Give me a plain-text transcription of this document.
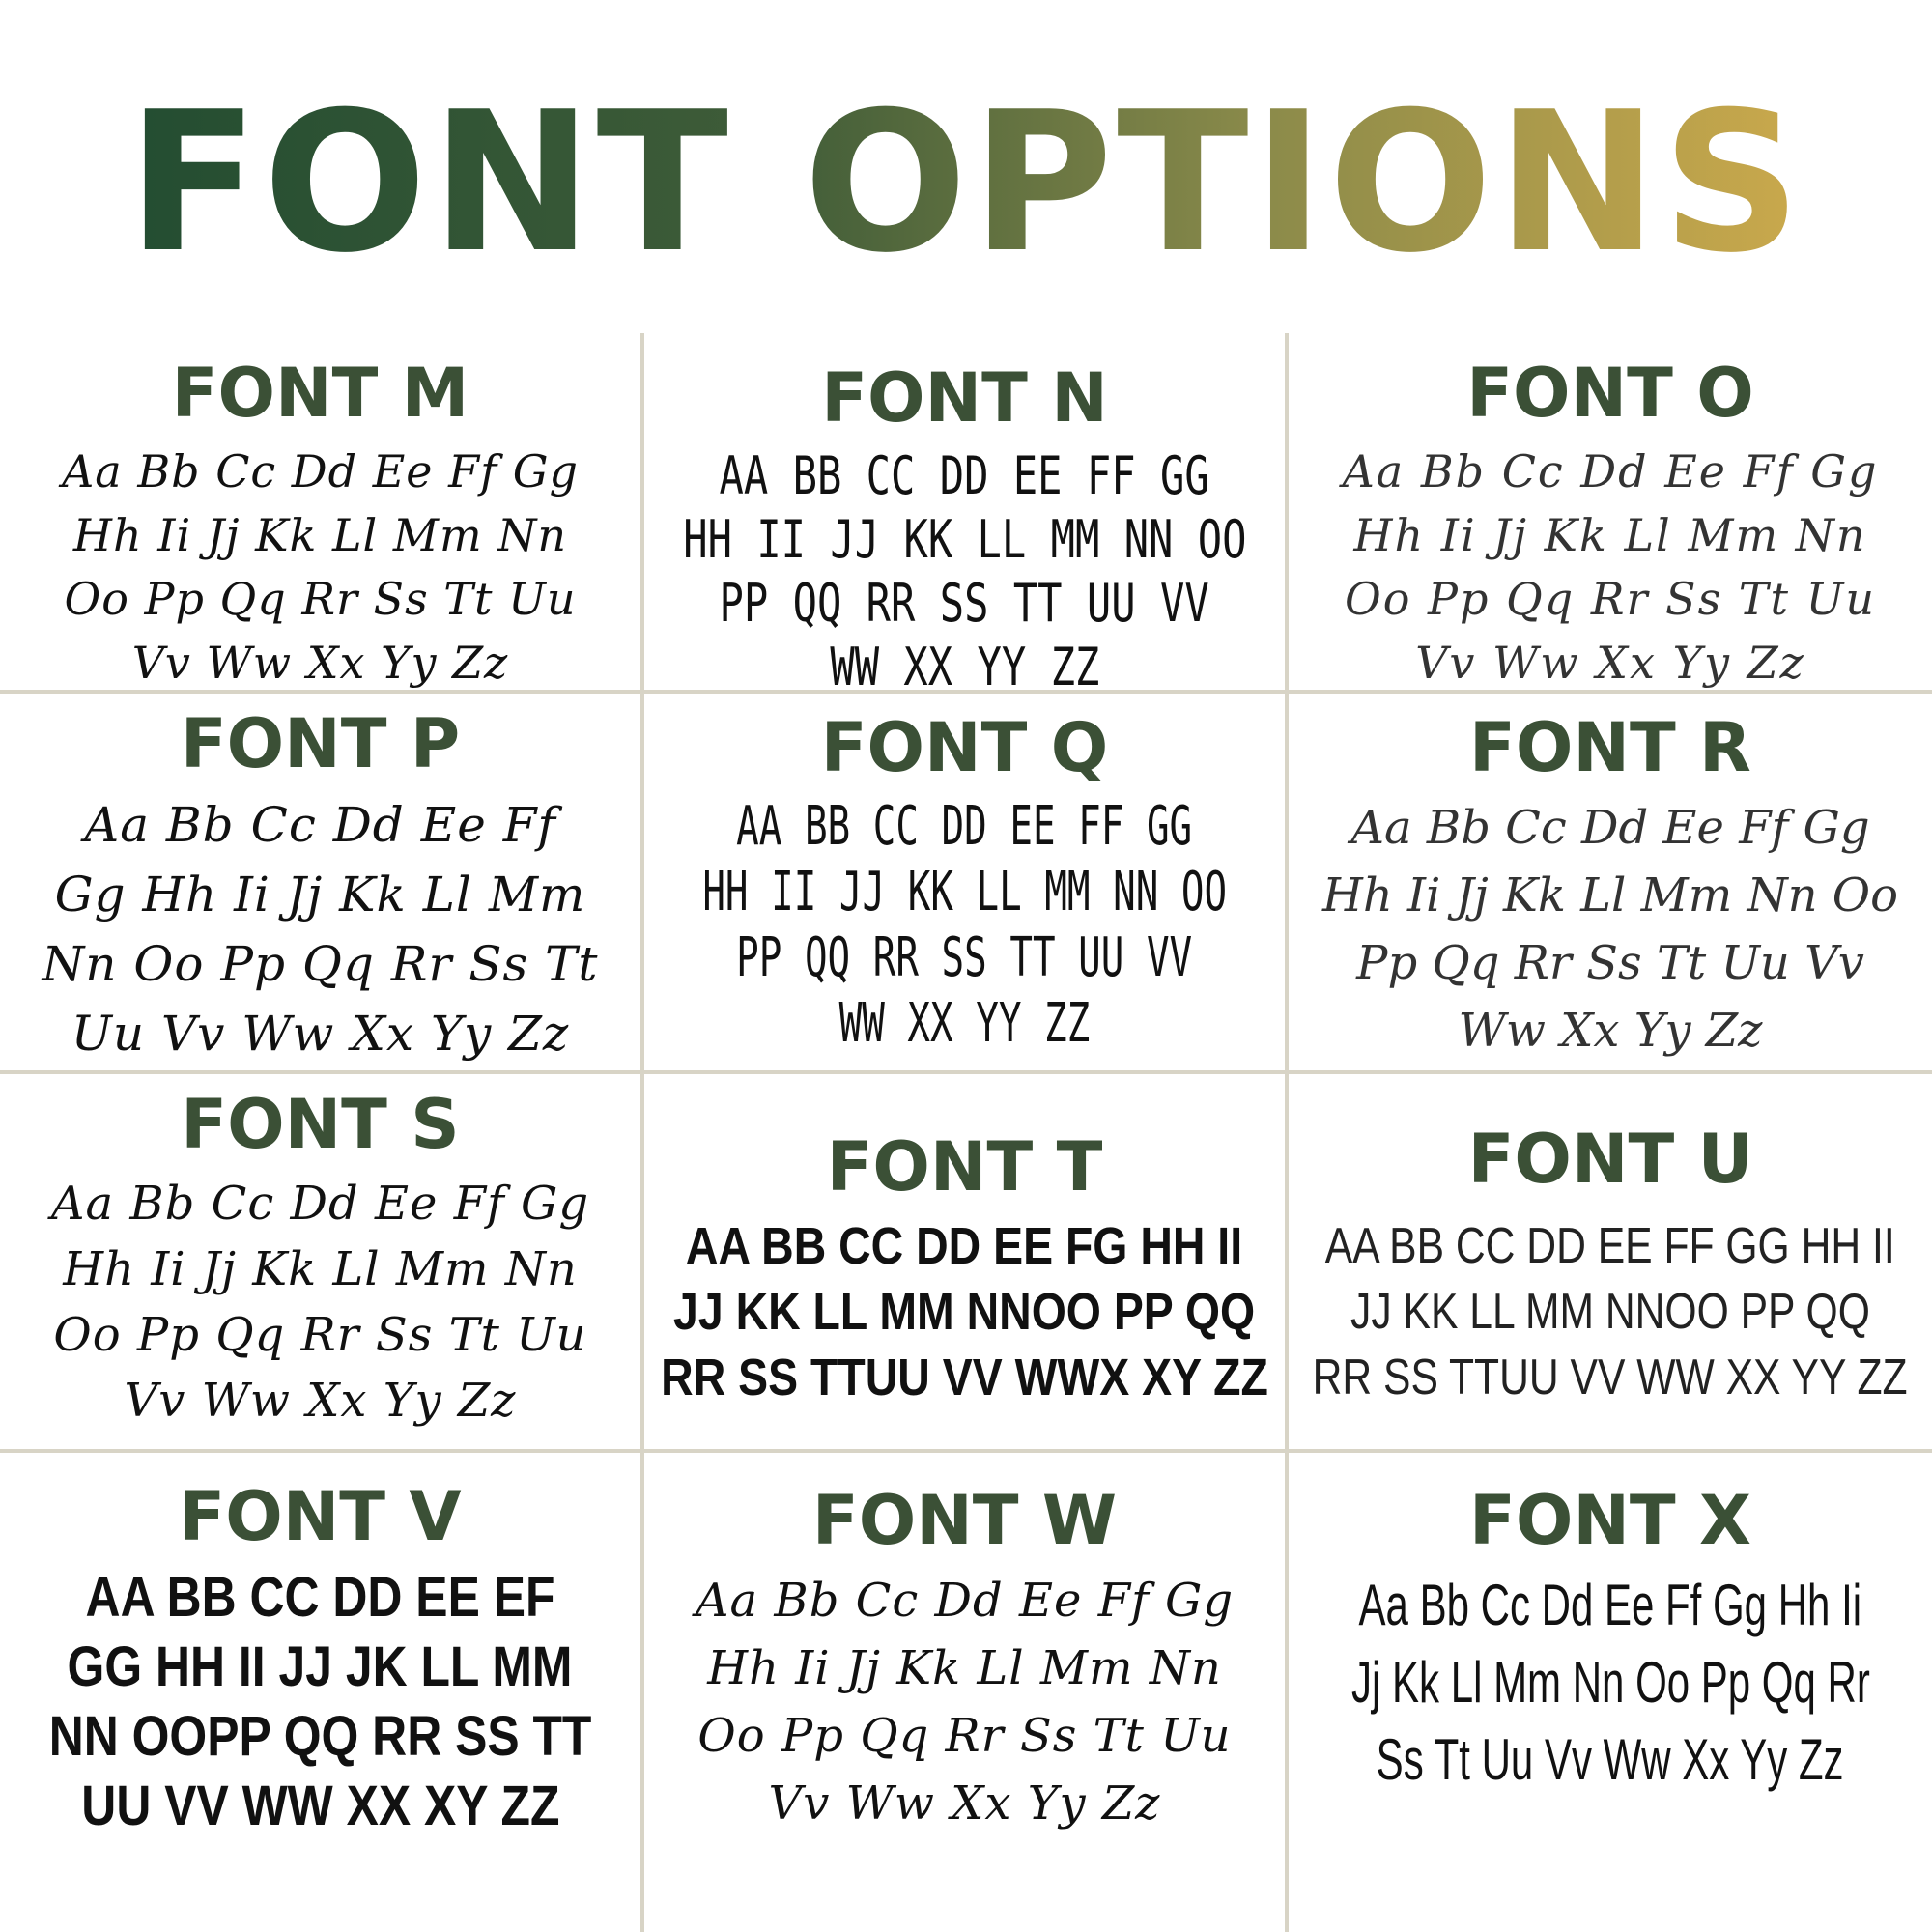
FONT OPTIONS
FONT M
Aa Bb Cc Dd Ee Ff Gg
Hh Ii Jj Kk Ll Mm Nn
Oo Pp Qq Rr Ss Tt Uu
Vv Ww Xx Yy Zz
FONT N
AA BB CC DD EE FF GG
HH II JJ KK LL MM NN OO
PP QQ RR SS TT UU VV
WW XX YY ZZ
FONT O
Aa Bb Cc Dd Ee Ff Gg
Hh Ii Jj Kk Ll Mm Nn
Oo Pp Qq Rr Ss Tt Uu
Vv Ww Xx Yy Zz
FONT P
Aa Bb Cc Dd Ee Ff
Gg Hh Ii Jj Kk Ll Mm
Nn Oo Pp Qq Rr Ss Tt
Uu Vv Ww Xx Yy Zz
FONT Q
AA BB CC DD EE FF GG
HH II JJ KK LL MM NN OO
PP QQ RR SS TT UU VV
WW XX YY ZZ
FONT R
Aa Bb Cc Dd Ee Ff Gg
Hh Ii Jj Kk Ll Mm Nn Oo
Pp Qq Rr Ss Tt Uu Vv
Ww Xx Yy Zz
FONT S
Aa Bb Cc Dd Ee Ff Gg
Hh Ii Jj Kk Ll Mm Nn
Oo Pp Qq Rr Ss Tt Uu
Vv Ww Xx Yy Zz
FONT T
AA BB CC DD EE FG HH II
JJ KK LL MM NNOO PP QQ
RR SS TTUU VV WWX XY ZZ
FONT U
AA BB CC DD EE FF GG HH II
JJ KK LL MM NNOO PP QQ
RR SS TTUU VV WW XX YY ZZ
FONT V
AA BB CC DD EE EF
GG HH II JJ JK LL MM
NN OOPP QQ RR SS TT
UU VV WW XX XY ZZ
FONT W
Aa Bb Cc Dd Ee Ff Gg
Hh Ii Jj Kk Ll Mm Nn
Oo Pp Qq Rr Ss Tt Uu
Vv Ww Xx Yy Zz
FONT X
Aa Bb Cc Dd Ee Ff Gg Hh Ii
Jj Kk Ll Mm Nn Oo Pp Qq Rr
Ss Tt Uu Vv Ww Xx Yy Zz
